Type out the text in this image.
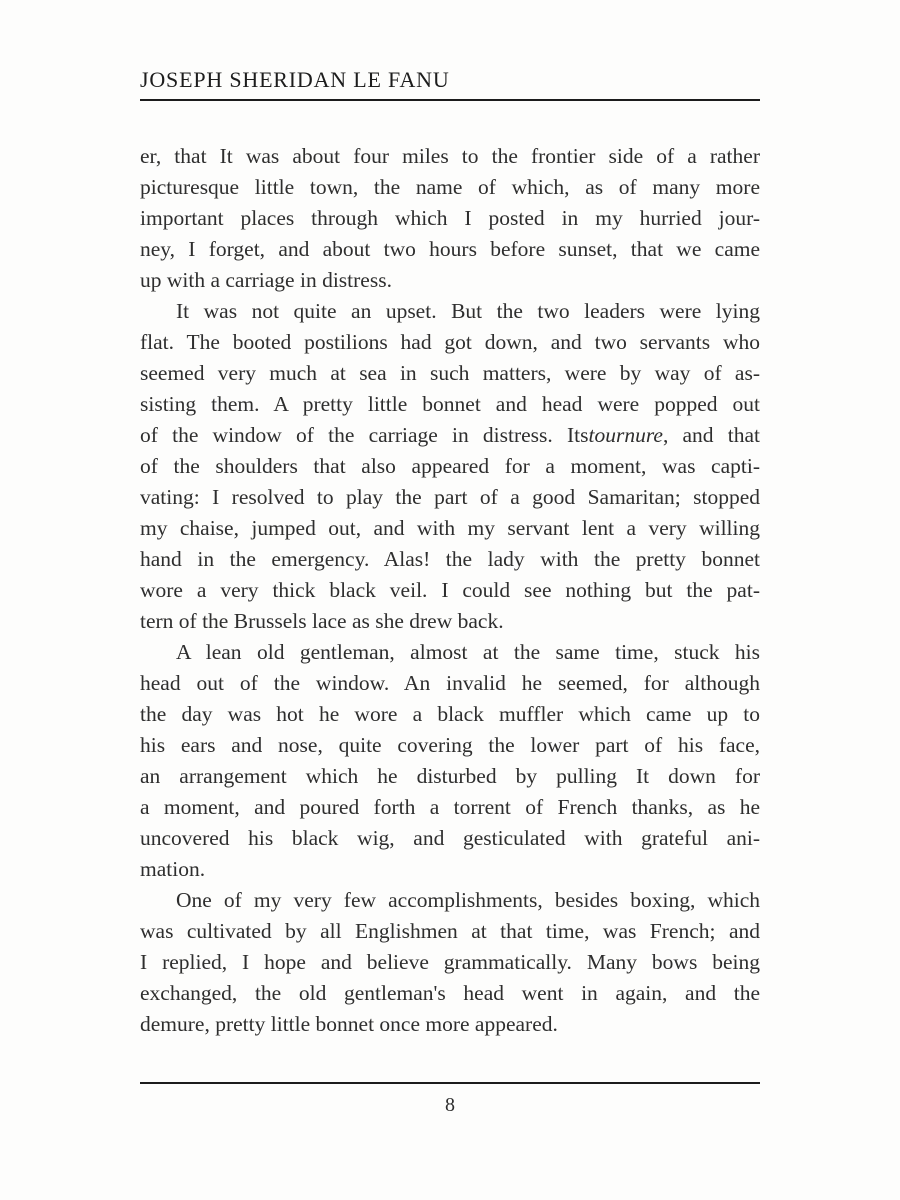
JOSEPH SHERIDAN LE FANU
er, that It was about four miles to the frontier side of a rather
picturesque little town, the name of which, as of many more
important places through which I posted in my hurried jour-
ney, I forget, and about two hours before sunset, that we came
up with a carriage in distress.
It was not quite an upset. But the two leaders were lying
flat. The booted postilions had got down, and two servants who
seemed very much at sea in such matters, were by way of as-
sisting them. A pretty little bonnet and head were popped out
of the window of the carriage in distress. Itstournure, and that
of the shoulders that also appeared for a moment, was capti-
vating: I resolved to play the part of a good Samaritan; stopped
my chaise, jumped out, and with my servant lent a very willing
hand in the emergency. Alas! the lady with the pretty bonnet
wore a very thick black veil. I could see nothing but the pat-
tern of the Brussels lace as she drew back.
A lean old gentleman, almost at the same time, stuck his
head out of the window. An invalid he seemed, for although
the day was hot he wore a black muffler which came up to
his ears and nose, quite covering the lower part of his face,
an arrangement which he disturbed by pulling It down for
a moment, and poured forth a torrent of French thanks, as he
uncovered his black wig, and gesticulated with grateful ani-
mation.
One of my very few accomplishments, besides boxing, which
was cultivated by all Englishmen at that time, was French; and
I replied, I hope and believe grammatically. Many bows being
exchanged, the old gentleman's head went in again, and the
demure, pretty little bonnet once more appeared.
8
